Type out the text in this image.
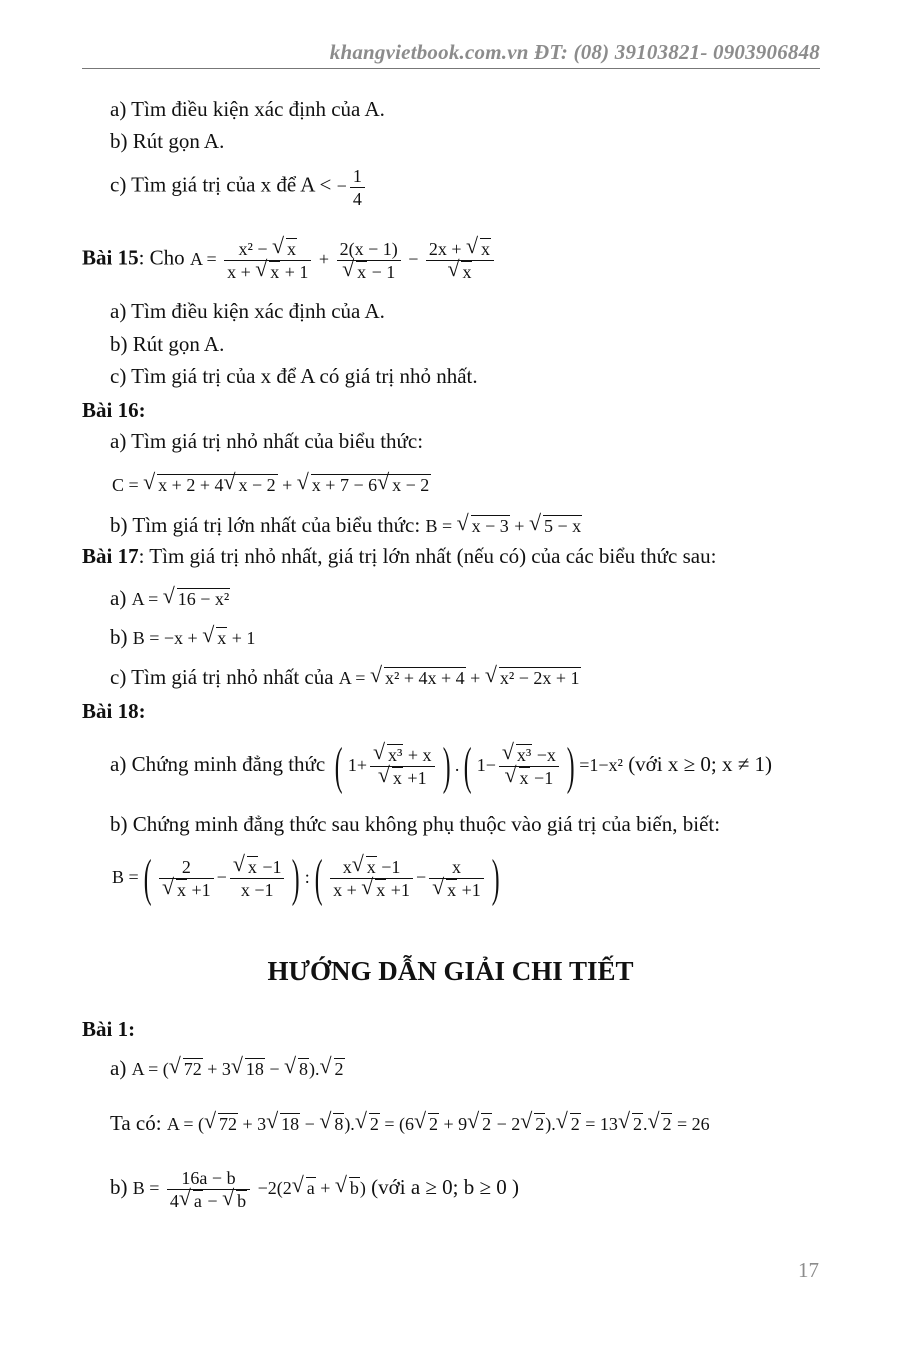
khangvietbook.com.vn ĐT: (08) 39103821- 0903906848
a) Tìm điều kiện xác định của A.
b) Rút gọn A.
c) Tìm giá trị của x để A < − $\frac{1}{4}$
Bài 15: Cho $A = \frac{\text{x² − √ x}}{x + √ x + 1} + \frac{2(x - 1)}{√ x - 1} - \frac{2x + √ x}{√ x}$
a) Tìm điều kiện xác định của A.
b) Rút gọn A.
c) Tìm giá trị của x để A có giá trị nhỏ nhất.
Bài 16:
a) Tìm giá trị nhỏ nhất của biểu thức:
C = √ x + 2 + 4 √ x − 2 + √ x + 7 − 6 √ x − 2
b) Tìm giá trị lớn nhất của biểu thức: B = √ x − 3 + √ 5 − x
Bài 17: Tìm giá trị nhỏ nhất, giá trị lớn nhất (nếu có) của các biểu thức sau:
a) A = √ 16 − x²
b) B = −x + √ x + 1
c) Tìm giá trị nhỏ nhất của A = √ x² + 4x + 4 + √ x² − 2x + 1
Bài 18:
a) Chứng minh đẳng thức ( $1+ \frac{\text{√ x³ + x}}{√ x +1}$ ) .( $1- \frac{\text{√ x³ −x}}{√ x -1}$ ) =1−x² (với x ≥ 0; x ≠ 1)
b) Chứng minh đẳng thức sau không phụ thuộc vào giá trị của biến, biết:
B =( $\frac{2}{√ x +1} - \frac{√ x -1}{x -1}$ ) :( $\frac{x √ x -1}{x + √ x +1} - \frac{x}{√ x +1}$ )
HƯỚNG DẪN GIẢI CHI TIẾT
Bài 1:
a) A = ( √ 72 + 3 √ 18 − √ 8). √ 2
Ta có: A = ( √ 72 + 3 √ 18 − √ 8). √ 2 = (6 √ 2 + 9 √ 2 − 2 √ 2). √ 2 = 13 √ 2. √ 2 = 26
b) $B = \frac{16a - b}{4 √ a - √ b} -2(2$ √ a + √ b) (với a ≥ 0; b ≥ 0 )
17
